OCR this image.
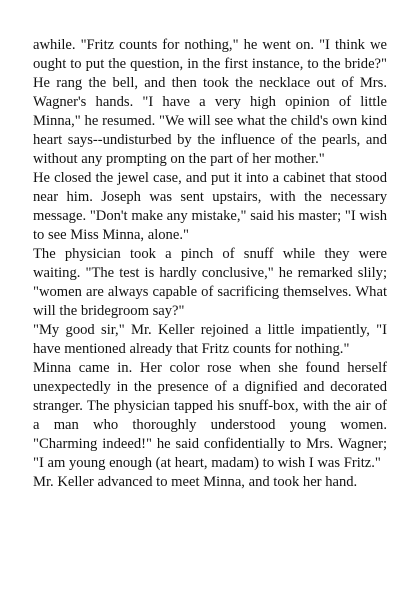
awhile. "Fritz counts for nothing," he went on. "I think we ought to put the question, in the first instance, to the bride?" He rang the bell, and then took the necklace out of Mrs. Wagner's hands. "I have a very high opinion of little Minna," he resumed. "We will see what the child's own kind heart says--undisturbed by the influence of the pearls, and without any prompting on the part of her mother."

He closed the jewel case, and put it into a cabinet that stood near him. Joseph was sent upstairs, with the necessary message. "Don't make any mistake," said his master; "I wish to see Miss Minna, alone."

The physician took a pinch of snuff while they were waiting. "The test is hardly conclusive," he remarked slily; "women are always capable of sacrificing themselves. What will the bridegroom say?"

"My good sir," Mr. Keller rejoined a little impatiently, "I have mentioned already that Fritz counts for nothing."

Minna came in. Her color rose when she found herself unexpectedly in the presence of a dignified and decorated stranger. The physician tapped his snuff-box, with the air of a man who thoroughly understood young women. "Charming indeed!" he said confidentially to Mrs. Wagner; "I am young enough (at heart, madam) to wish I was Fritz."

Mr. Keller advanced to meet Minna, and took her hand.
